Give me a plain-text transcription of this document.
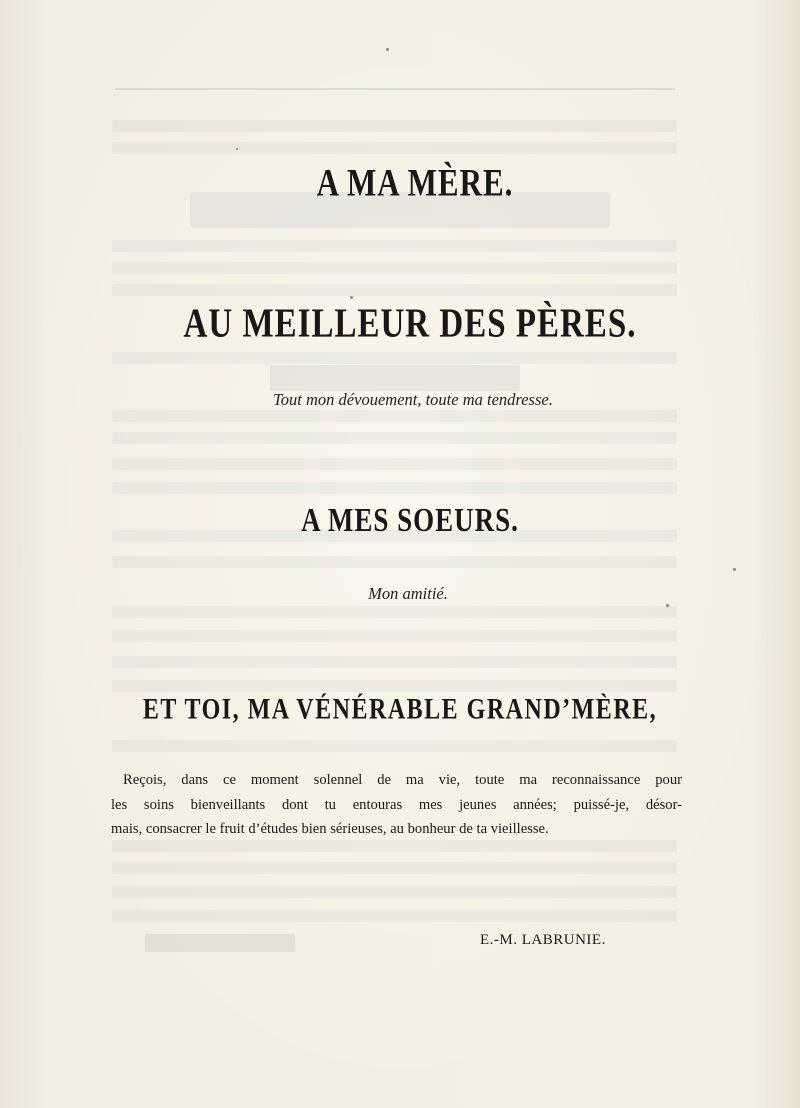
A MA MÈRE.
AU MEILLEUR DES PÈRES.
Tout mon dévouement, toute ma tendresse.
A MES SOEURS.
Mon amitié.
ET TOI, MA VÉNÉRABLE GRAND’MÈRE,
Reçois, dans ce moment solennel de ma vie, toute ma reconnaissance pour
les soins bienveillants dont tu entouras mes jeunes années; puissé-je, désor-
mais, consacrer le fruit d’études bien sérieuses, au bonheur de ta vieillesse.
E.-M. LABRUNIE.
